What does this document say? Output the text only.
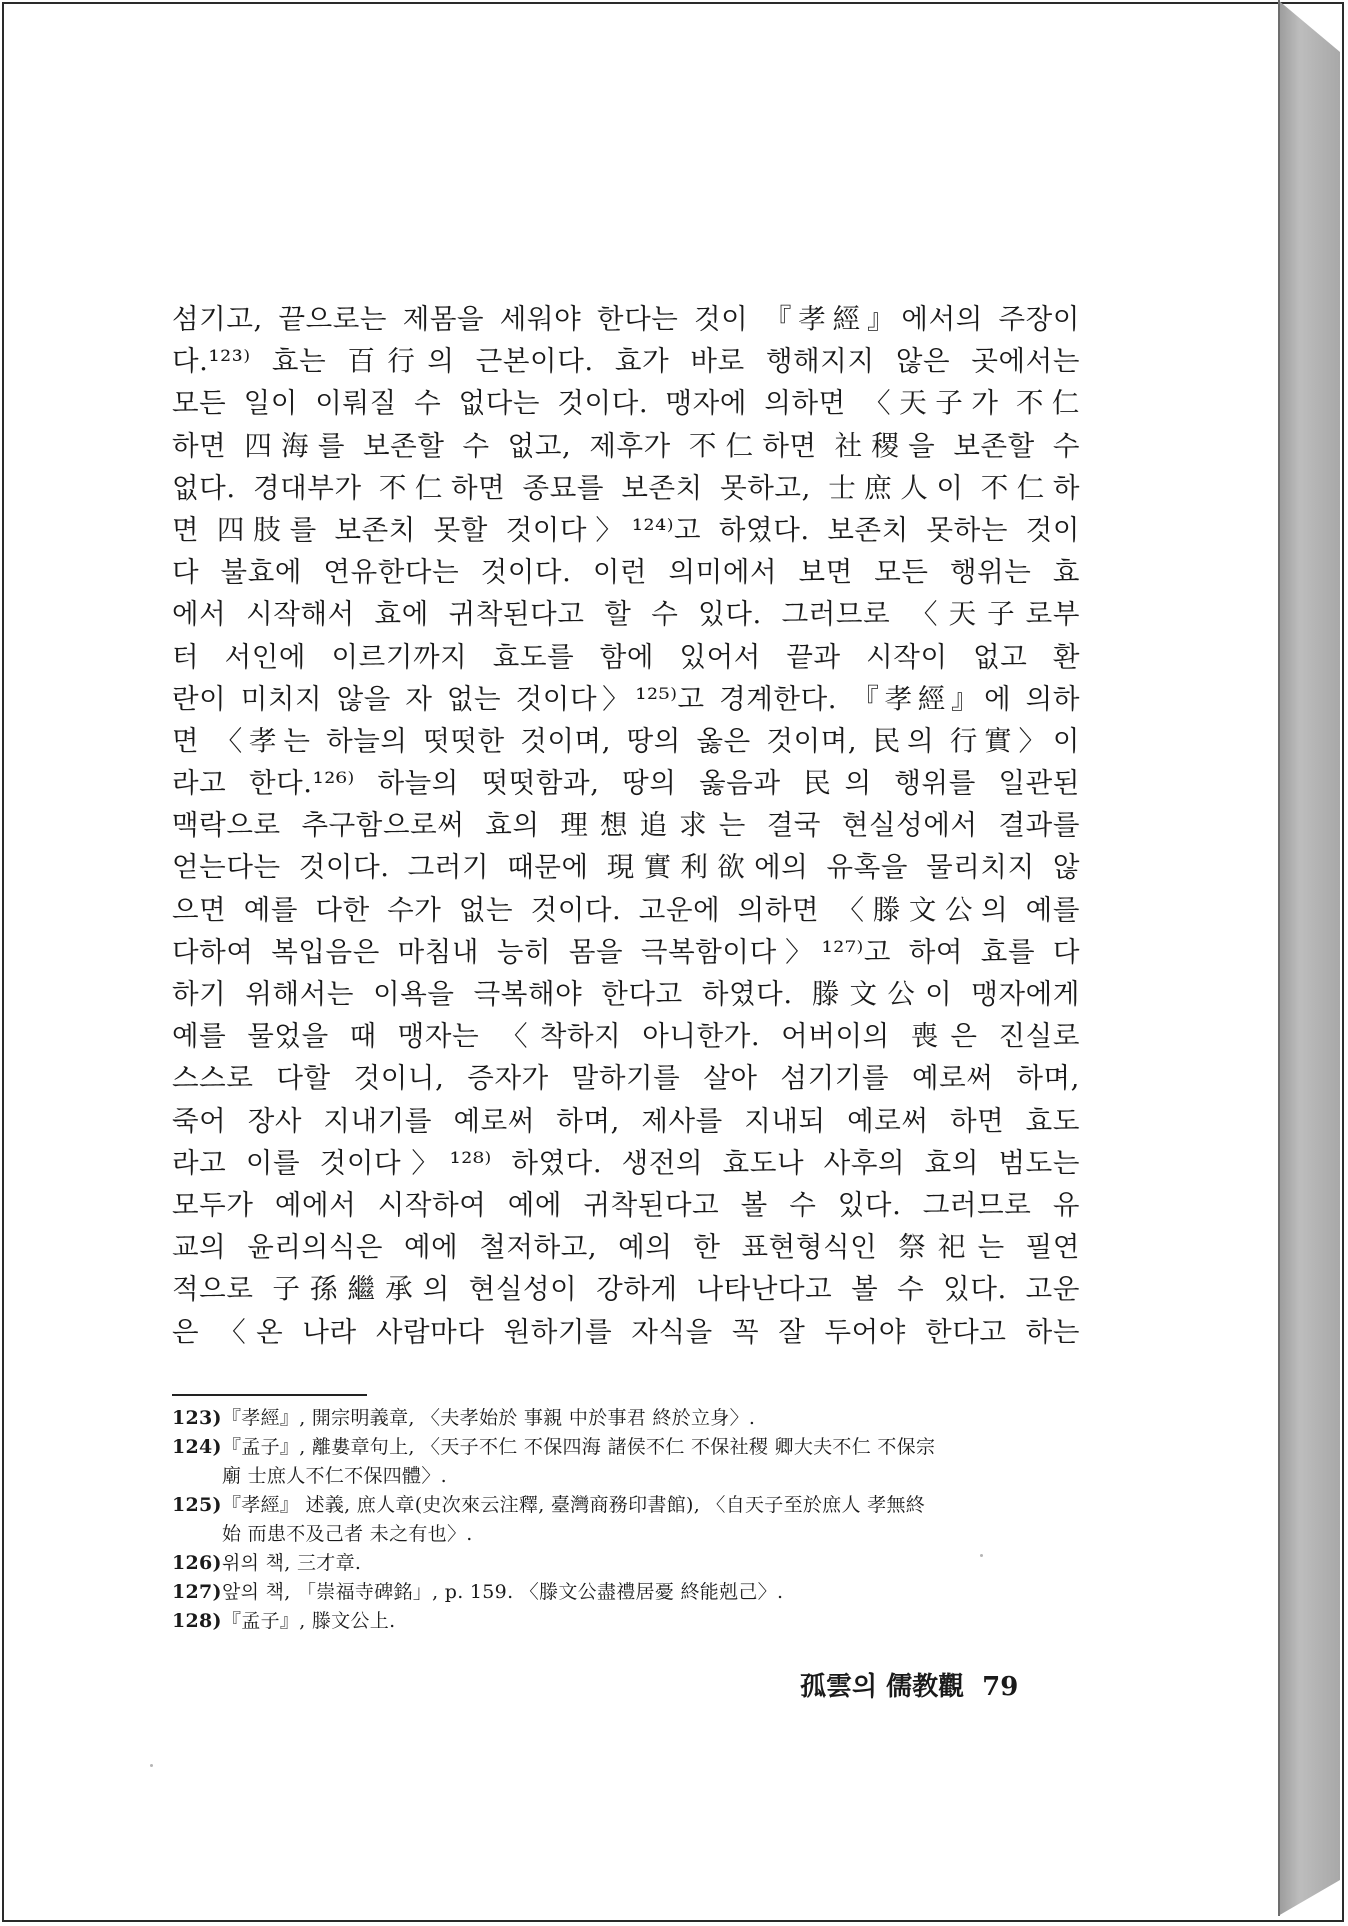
섬기고, 끝으로는 제몸을 세워야 한다는 것이 『孝經』에서의 주장이
다.¹²³⁾ 효는 百行의 근본이다. 효가 바로 행해지지 않은 곳에서는
모든 일이 이뤄질 수 없다는 것이다. 맹자에 의하면 〈天子가 不仁
하면 四海를 보존할 수 없고, 제후가 不仁하면 社稷을 보존할 수
없다. 경대부가 不仁하면 종묘를 보존치 못하고, 士庶人이 不仁하
면 四肢를 보존치 못할 것이다〉¹²⁴⁾고 하였다. 보존치 못하는 것이
다 불효에 연유한다는 것이다. 이런 의미에서 보면 모든 행위는 효
에서 시작해서 효에 귀착된다고 할 수 있다. 그러므로 〈天子로부
터 서인에 이르기까지 효도를 함에 있어서 끝과 시작이 없고 환
란이 미치지 않을 자 없는 것이다〉¹²⁵⁾고 경계한다. 『孝經』에 의하
면 〈孝는 하늘의 떳떳한 것이며, 땅의 옳은 것이며, 民의 行實〉이
라고 한다.¹²⁶⁾ 하늘의 떳떳함과, 땅의 옳음과 民의 행위를 일관된
맥락으로 추구함으로써 효의 理想追求는 결국 현실성에서 결과를
얻는다는 것이다. 그러기 때문에 現實利欲에의 유혹을 물리치지 않
으면 예를 다한 수가 없는 것이다. 고운에 의하면 〈滕文公의 예를
다하여 복입음은 마침내 능히 몸을 극복함이다〉¹²⁷⁾고 하여 효를 다
하기 위해서는 이욕을 극복해야 한다고 하였다. 滕文公이 맹자에게
예를 물었을 때 맹자는 〈착하지 아니한가. 어버이의 喪은 진실로
스스로 다할 것이니, 증자가 말하기를 살아 섬기기를 예로써 하며,
죽어 장사 지내기를 예로써 하며, 제사를 지내되 예로써 하면 효도
라고 이를 것이다〉¹²⁸⁾ 하였다. 생전의 효도나 사후의 효의 범도는
모두가 예에서 시작하여 예에 귀착된다고 볼 수 있다. 그러므로 유
교의 윤리의식은 예에 철저하고, 예의 한 표현형식인 祭祀는 필연
적으로 子孫繼承의 현실성이 강하게 나타난다고 볼 수 있다. 고운
은 〈온 나라 사람마다 원하기를 자식을 꼭 잘 두어야 한다고 하는
123)『孝經』, 開宗明義章, 〈夫孝始於 事親 中於事君 終於立身〉.
124)『孟子』, 離婁章句上, 〈天子不仁 不保四海 諸侯不仁 不保社稷 卿大夫不仁 不保宗
廟 士庶人不仁不保四體〉.
125)『孝經』 述義, 庶人章(史次來云注釋, 臺灣商務印書館), 〈自天子至於庶人 孝無終
始 而患不及己者 未之有也〉.
126)위의 책, 三才章.
127)앞의 책, 「崇福寺碑銘」, p. 159. 〈滕文公盡禮居憂 終能剋己〉.
128)『孟子』, 滕文公上.
孤雲의 儒教觀 79
